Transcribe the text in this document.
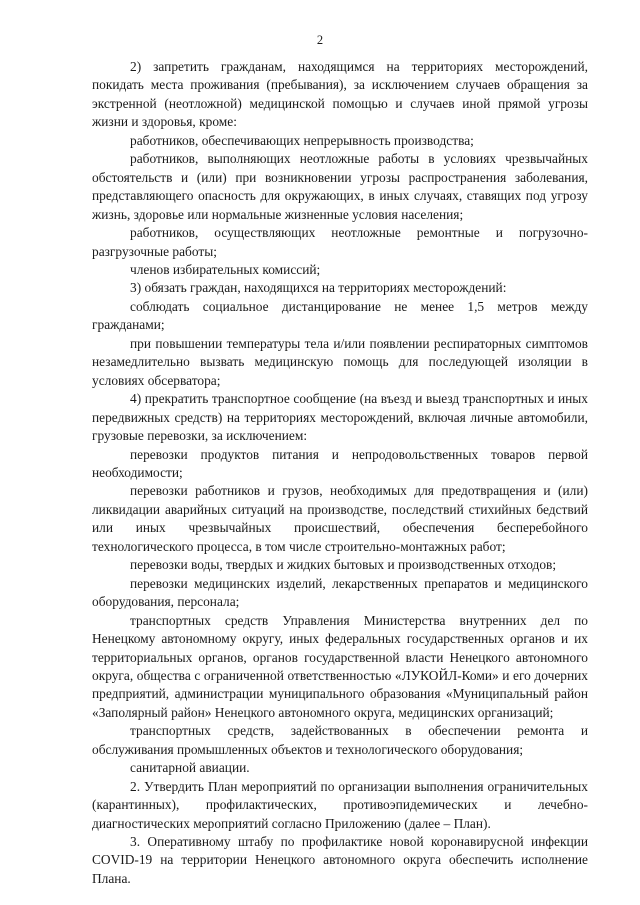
2

2) запретить гражданам, находящимся на территориях месторождений, покидать места проживания (пребывания), за исключением случаев обращения за экстренной (неотложной) медицинской помощью и случаев иной прямой угрозы жизни и здоровья, кроме:

работников, обеспечивающих непрерывность производства;

работников, выполняющих неотложные работы в условиях чрезвычайных обстоятельств и (или) при возникновении угрозы распространения заболевания, представляющего опасность для окружающих, в иных случаях, ставящих под угрозу жизнь, здоровье или нормальные жизненные условия населения;

работников, осуществляющих неотложные ремонтные и погрузочно-разгрузочные работы;

членов избирательных комиссий;

3) обязать граждан, находящихся на территориях месторождений:

соблюдать социальное дистанцирование не менее 1,5 метров между гражданами;

при повышении температуры тела и/или появлении респираторных симптомов незамедлительно вызвать медицинскую помощь для последующей изоляции в условиях обсерватора;

4) прекратить транспортное сообщение (на въезд и выезд транспортных и иных передвижных средств) на территориях месторождений, включая личные автомобили, грузовые перевозки, за исключением:

перевозки продуктов питания и непродовольственных товаров первой необходимости;

перевозки работников и грузов, необходимых для предотвращения и (или) ликвидации аварийных ситуаций на производстве, последствий стихийных бедствий или иных чрезвычайных происшествий, обеспечения бесперебойного технологического процесса, в том числе строительно-монтажных работ;

перевозки воды, твердых и жидких бытовых и производственных отходов;

перевозки медицинских изделий, лекарственных препаратов и медицинского оборудования, персонала;

транспортных средств Управления Министерства внутренних дел по Ненецкому автономному округу, иных федеральных государственных органов и их территориальных органов, органов государственной власти Ненецкого автономного округа, общества с ограниченной ответственностью «ЛУКОЙЛ-Коми» и его дочерних предприятий, администрации муниципального образования «Муниципальный район «Заполярный район» Ненецкого автономного округа, медицинских организаций;

транспортных средств, задействованных в обеспечении ремонта и обслуживания промышленных объектов и технологического оборудования;

санитарной авиации.

2. Утвердить План мероприятий по организации выполнения ограничительных (карантинных), профилактических, противоэпидемических и лечебно-диагностических мероприятий согласно Приложению (далее – План).

3. Оперативному штабу по профилактике новой коронавирусной инфекции COVID-19 на территории Ненецкого автономного округа обеспечить исполнение Плана.
